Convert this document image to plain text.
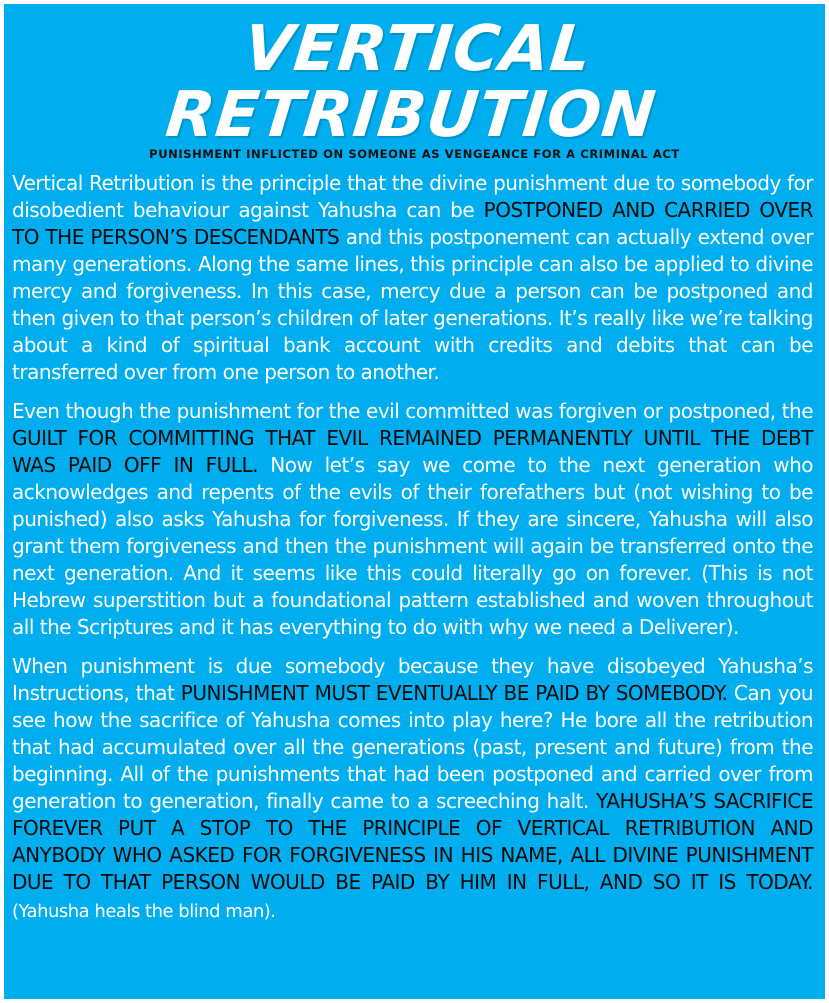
VERTICAL RETRIBUTION
PUNISHMENT INFLICTED ON SOMEONE AS VENGEANCE FOR A CRIMINAL ACT

Vertical Retribution is the principle that the divine punishment due to somebody for disobedient behaviour against Yahusha can be POSTPONED AND CARRIED OVER TO THE PERSON’S DESCENDANTS and this postponement can actually extend over many generations. Along the same lines, this principle can also be applied to divine mercy and forgiveness. In this case, mercy due a person can be postponed and then given to that person’s children of later generations. It’s really like we’re talking about a kind of spiritual bank account with credits and debits that can be transferred over from one person to another.

Even though the punishment for the evil committed was forgiven or postponed, the GUILT FOR COMMITTING THAT EVIL REMAINED PERMANENTLY UNTIL THE DEBT WAS PAID OFF IN FULL. Now let’s say we come to the next generation who acknowledges and repents of the evils of their forefathers but (not wishing to be punished) also asks Yahusha for forgiveness. If they are sincere, Yahusha will also grant them forgiveness and then the punishment will again be transferred onto the next generation. And it seems like this could literally go on forever. (This is not Hebrew superstition but a foundational pattern established and woven throughout all the Scriptures and it has everything to do with why we need a Deliverer).

When punishment is due somebody because they have disobeyed Yahusha’s Instructions, that PUNISHMENT MUST EVENTUALLY BE PAID BY SOMEBODY. Can you see how the sacrifice of Yahusha comes into play here? He bore all the retribution that had accumulated over all the generations (past, present and future) from the beginning. All of the punishments that had been postponed and carried over from generation to generation, finally came to a screeching halt. YAHUSHA’S SACRIFICE FOREVER PUT A STOP TO THE PRINCIPLE OF VERTICAL RETRIBUTION AND ANYBODY WHO ASKED FOR FORGIVENESS IN HIS NAME, ALL DIVINE PUNISHMENT DUE TO THAT PERSON WOULD BE PAID BY HIM IN FULL, AND SO IT IS TODAY. (Yahusha heals the blind man).
